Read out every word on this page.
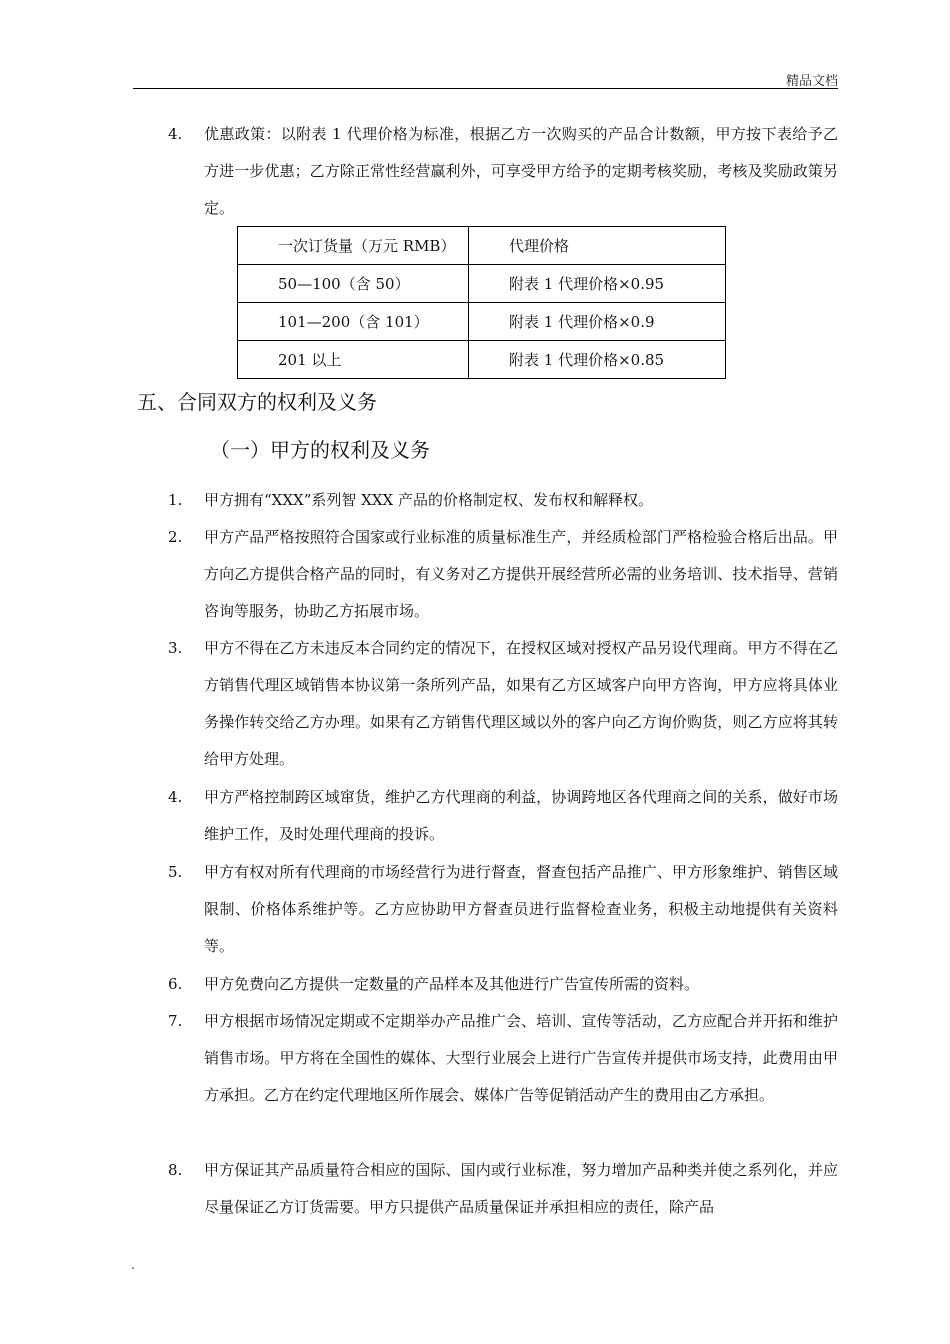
精品文档
4.	优惠政策：以附表 1 代理价格为标准，根据乙方一次购买的产品合计数额，甲方按下表给予乙方进一步优惠；乙方除正常性经营赢利外，可享受甲方给予的定期考核奖励，考核及奖励政策另定。
一次订货量（万元 RMB）	代理价格
50—100（含 50）	附表 1 代理价格×0.95
101—200（含 101）	附表 1 代理价格×0.9
201 以上	附表 1 代理价格×0.85
五、合同双方的权利及义务
（一）甲方的权利及义务
1.	甲方拥有“XXX”系列智 XXX 产品的价格制定权、发布权和解释权。
2.	甲方产品严格按照符合国家或行业标准的质量标准生产，并经质检部门严格检验合格后出品。甲方向乙方提供合格产品的同时，有义务对乙方提供开展经营所必需的业务培训、技术指导、营销咨询等服务，协助乙方拓展市场。
3.	甲方不得在乙方未违反本合同约定的情况下，在授权区域对授权产品另设代理商。甲方不得在乙方销售代理区域销售本协议第一条所列产品，如果有乙方区域客户向甲方咨询，甲方应将具体业务操作转交给乙方办理。如果有乙方销售代理区域以外的客户向乙方询价购货，则乙方应将其转给甲方处理。
4.	甲方严格控制跨区域窜货，维护乙方代理商的利益，协调跨地区各代理商之间的关系，做好市场维护工作，及时处理代理商的投诉。
5.	甲方有权对所有代理商的市场经营行为进行督查，督查包括产品推广、甲方形象维护、销售区域限制、价格体系维护等。乙方应协助甲方督查员进行监督检查业务，积极主动地提供有关资料等。
6.	甲方免费向乙方提供一定数量的产品样本及其他进行广告宣传所需的资料。
7.	甲方根据市场情况定期或不定期举办产品推广会、培训、宣传等活动，乙方应配合并开拓和维护销售市场。甲方将在全国性的媒体、大型行业展会上进行广告宣传并提供市场支持，此费用由甲方承担。乙方在约定代理地区所作展会、媒体广告等促销活动产生的费用由乙方承担。
8.	甲方保证其产品质量符合相应的国际、国内或行业标准，努力增加产品种类并使之系列化，并应尽量保证乙方订货需要。甲方只提供产品质量保证并承担相应的责任，除产品
.
